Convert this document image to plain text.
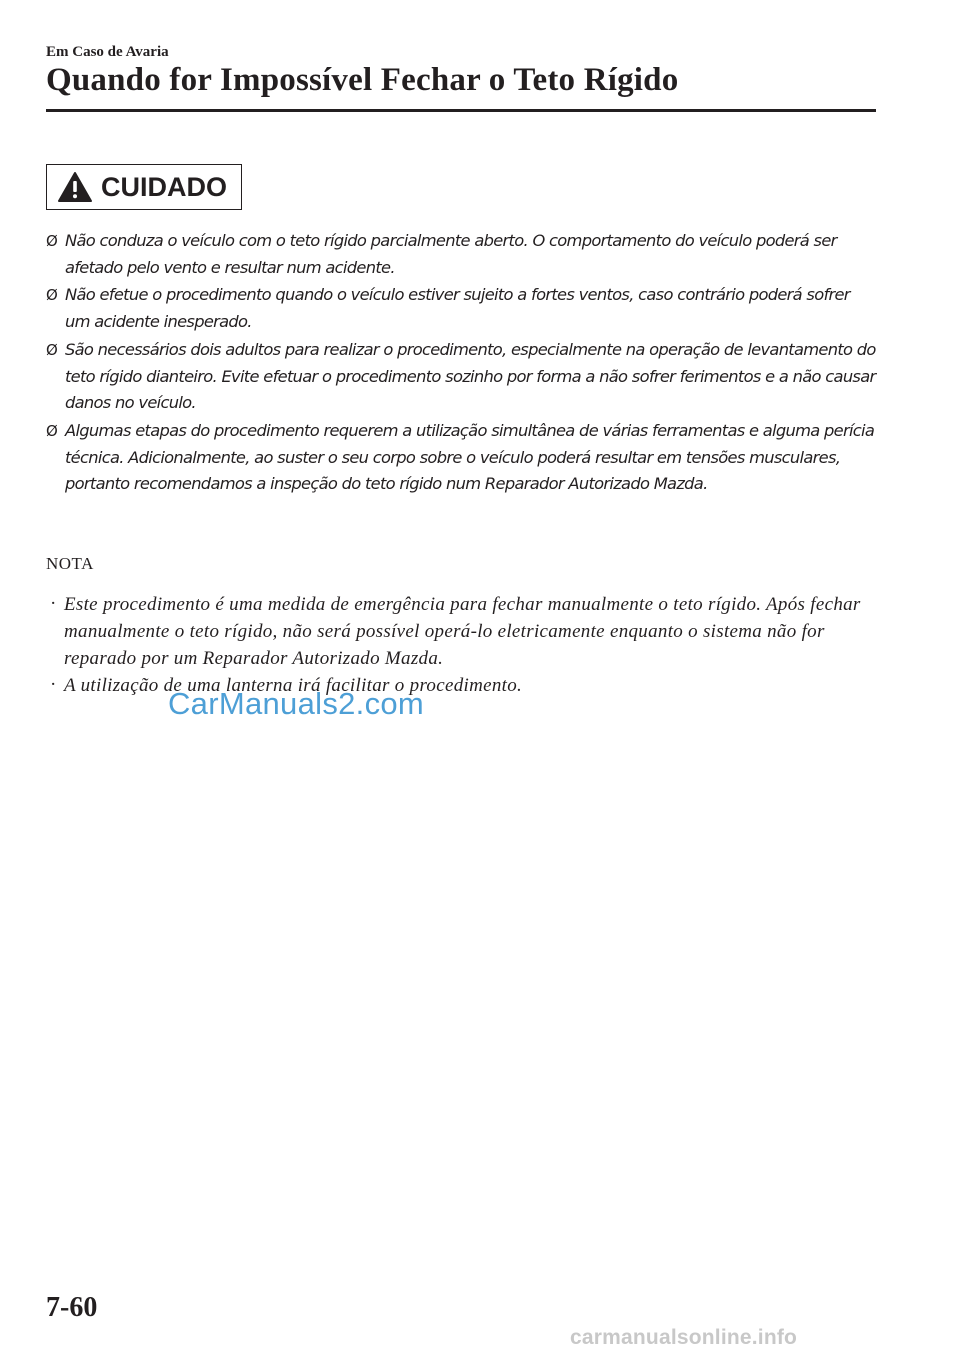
Em Caso de Avaria
Quando for Impossível Fechar o Teto Rígido
CUIDADO
Ø Não conduza o veículo com o teto rígido parcialmente aberto. O comportamento do veículo poderá ser afetado pelo vento e resultar num acidente.
Ø Não efetue o procedimento quando o veículo estiver sujeito a fortes ventos, caso contrário poderá sofrer um acidente inesperado.
Ø São necessários dois adultos para realizar o procedimento, especialmente na operação de levantamento do teto rígido dianteiro. Evite efetuar o procedimento sozinho por forma a não sofrer ferimentos e a não causar danos no veículo.
Ø Algumas etapas do procedimento requerem a utilização simultânea de várias ferramentas e alguma perícia técnica. Adicionalmente, ao suster o seu corpo sobre o veículo poderá resultar em tensões musculares, portanto recomendamos a inspeção do teto rígido num Reparador Autorizado Mazda.
NOTA
· Este procedimento é uma medida de emergência para fechar manualmente o teto rígido. Após fechar manualmente o teto rígido, não será possível operá-lo eletricamente enquanto o sistema não for reparado por um Reparador Autorizado Mazda.
· A utilização de uma lanterna irá facilitar o procedimento.
CarManuals2.com
7-60
carmanualsonline.info
